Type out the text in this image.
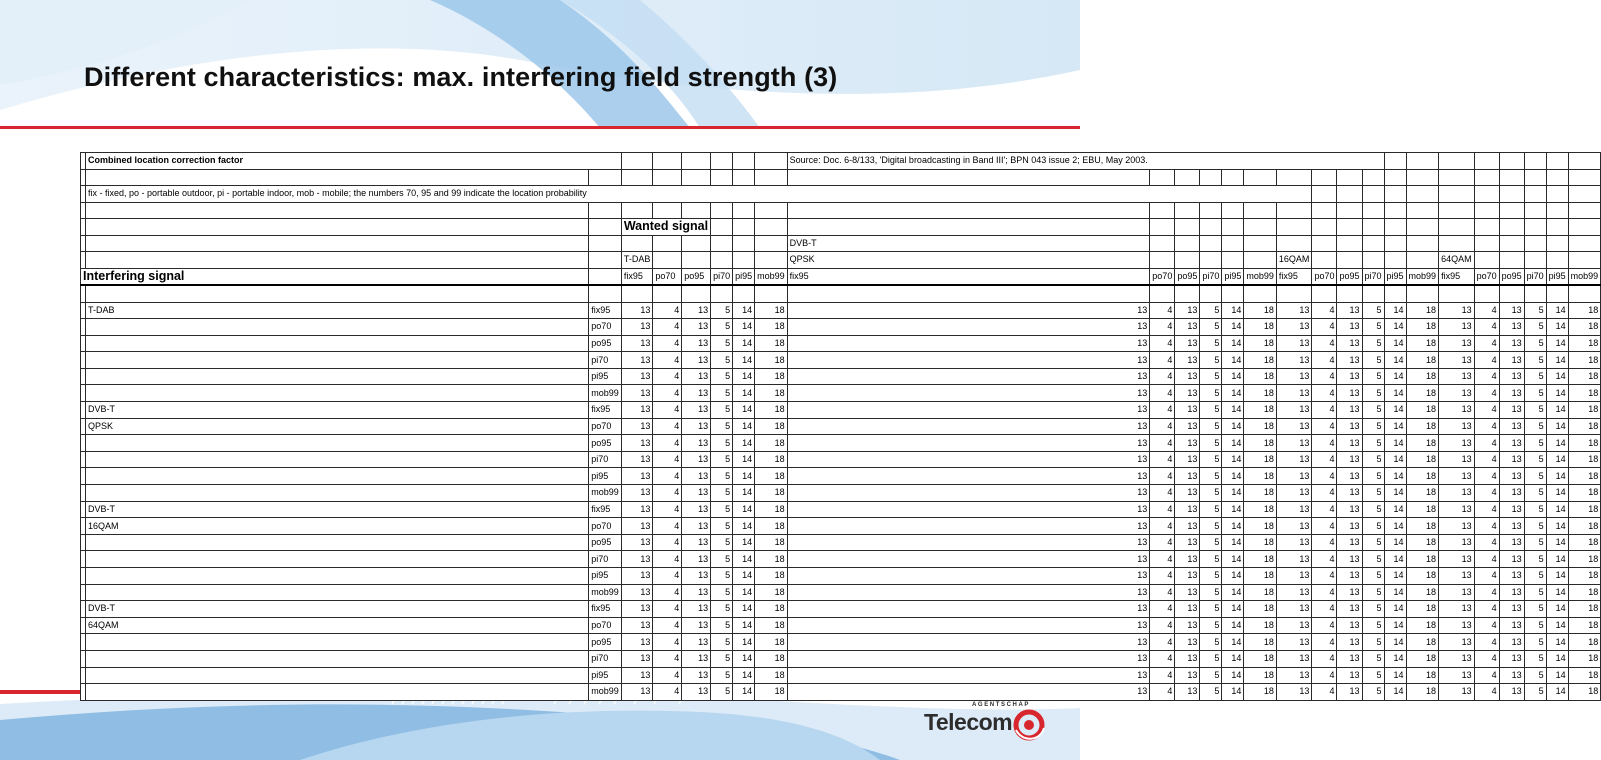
Different characteristics: max. interfering field strength (3)
	Combined location correction factor								Source: Doc. 6-8/133, 'Digital broadcasting in Band III'; BPN 043 issue 2; EBU, May 2003.																	

	fix - fixed, po - portable outdoor, pi - portable indoor, mob - mobile; the numbers 70, 95 and 99 indicate the location probability																									

			Wanted signal																							
									DVB-T																	
			T-DAB						QPSK						16QAM						64QAM					
Interfering signal			fix95	po70	po95	pi70	pi95	mob99	fix95	po70	po95	pi70	pi95	mob99	fix95	po70	po95	pi70	pi95	mob99	fix95	po70	po95	pi70	pi95	mob99

	T-DAB	fix95	13	4	13	5	14	18	13	4	13	5	14	18	13	4	13	5	14	18	13	4	13	5	14	18
		po70	13	4	13	5	14	18	13	4	13	5	14	18	13	4	13	5	14	18	13	4	13	5	14	18
		po95	13	4	13	5	14	18	13	4	13	5	14	18	13	4	13	5	14	18	13	4	13	5	14	18
		pi70	13	4	13	5	14	18	13	4	13	5	14	18	13	4	13	5	14	18	13	4	13	5	14	18
		pi95	13	4	13	5	14	18	13	4	13	5	14	18	13	4	13	5	14	18	13	4	13	5	14	18
		mob99	13	4	13	5	14	18	13	4	13	5	14	18	13	4	13	5	14	18	13	4	13	5	14	18
	DVB-T	fix95	13	4	13	5	14	18	13	4	13	5	14	18	13	4	13	5	14	18	13	4	13	5	14	18
	QPSK	po70	13	4	13	5	14	18	13	4	13	5	14	18	13	4	13	5	14	18	13	4	13	5	14	18
		po95	13	4	13	5	14	18	13	4	13	5	14	18	13	4	13	5	14	18	13	4	13	5	14	18
		pi70	13	4	13	5	14	18	13	4	13	5	14	18	13	4	13	5	14	18	13	4	13	5	14	18
		pi95	13	4	13	5	14	18	13	4	13	5	14	18	13	4	13	5	14	18	13	4	13	5	14	18
		mob99	13	4	13	5	14	18	13	4	13	5	14	18	13	4	13	5	14	18	13	4	13	5	14	18
	DVB-T	fix95	13	4	13	5	14	18	13	4	13	5	14	18	13	4	13	5	14	18	13	4	13	5	14	18
	16QAM	po70	13	4	13	5	14	18	13	4	13	5	14	18	13	4	13	5	14	18	13	4	13	5	14	18
		po95	13	4	13	5	14	18	13	4	13	5	14	18	13	4	13	5	14	18	13	4	13	5	14	18
		pi70	13	4	13	5	14	18	13	4	13	5	14	18	13	4	13	5	14	18	13	4	13	5	14	18
		pi95	13	4	13	5	14	18	13	4	13	5	14	18	13	4	13	5	14	18	13	4	13	5	14	18
		mob99	13	4	13	5	14	18	13	4	13	5	14	18	13	4	13	5	14	18	13	4	13	5	14	18
	DVB-T	fix95	13	4	13	5	14	18	13	4	13	5	14	18	13	4	13	5	14	18	13	4	13	5	14	18
	64QAM	po70	13	4	13	5	14	18	13	4	13	5	14	18	13	4	13	5	14	18	13	4	13	5	14	18
		po95	13	4	13	5	14	18	13	4	13	5	14	18	13	4	13	5	14	18	13	4	13	5	14	18
		pi70	13	4	13	5	14	18	13	4	13	5	14	18	13	4	13	5	14	18	13	4	13	5	14	18
		pi95	13	4	13	5	14	18	13	4	13	5	14	18	13	4	13	5	14	18	13	4	13	5	14	18
		mob99	13	4	13	5	14	18	13	4	13	5	14	18	13	4	13	5	14	18	13	4	13	5	14	18
AGENTSCHAP
Telecom
